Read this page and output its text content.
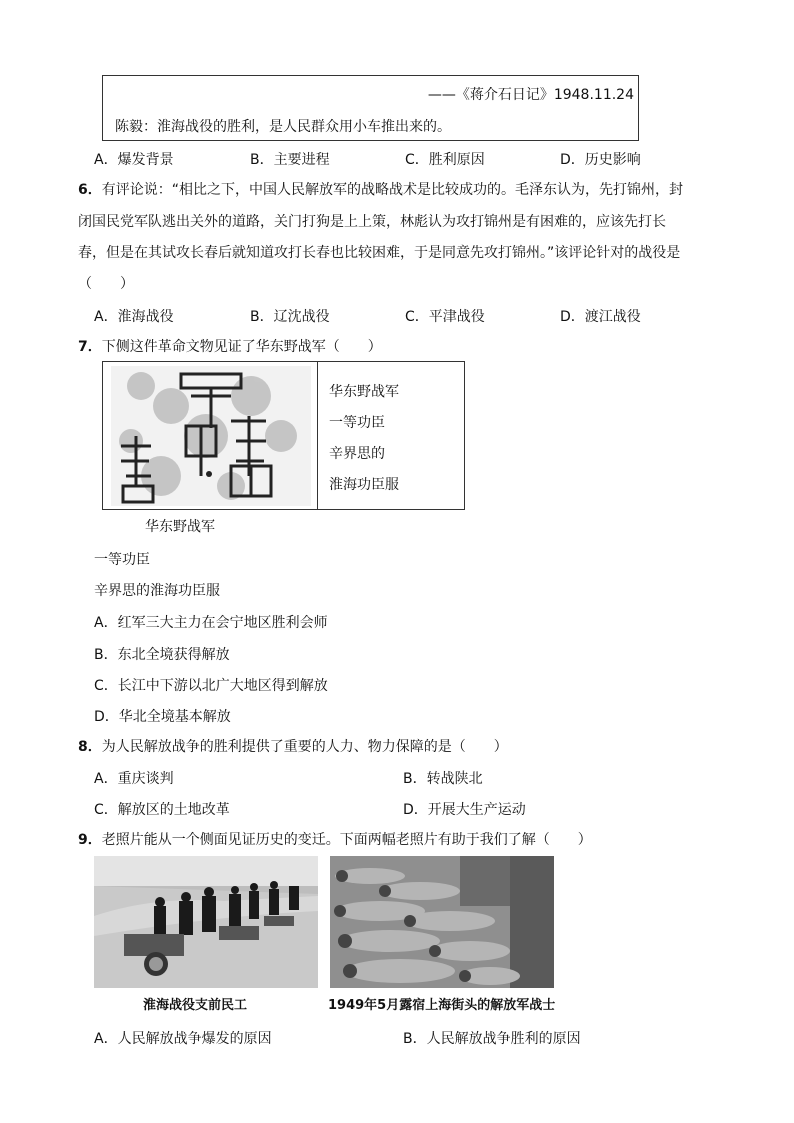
——《蒋介石日记》1948.11.24
陈毅：淮海战役的胜利，是人民群众用小车推出来的。
A．爆发背景	B．主要进程	C．胜利原因	D．历史影响
6．有评论说：“相比之下，中国人民解放军的战略战术是比较成功的。毛泽东认为，先打锦州，封
闭国民党军队逃出关外的道路，关门打狗是上上策，林彪认为攻打锦州是有困难的，应该先打长
春，但是在其试攻长春后就知道攻打长春也比较困难，于是同意先攻打锦州。”该评论针对的战役是
（　　）
A．淮海战役	B．辽沈战役	C．平津战役	D．渡江战役
7．下侧这件革命文物见证了华东野战军（　　）
华东野战军
一等功臣
辛界思的
淮海功臣服
华东野战军
一等功臣
辛界思的淮海功臣服
A．红军三大主力在会宁地区胜利会师
B．东北全境获得解放
C．长江中下游以北广大地区得到解放
D．华北全境基本解放
8．为人民解放战争的胜利提供了重要的人力、物力保障的是（　　）
A．重庆谈判	B．转战陕北
C．解放区的土地改革	D．开展大生产运动
9．老照片能从一个侧面见证历史的变迁。下面两幅老照片有助于我们了解（　　）
淮海战役支前民工	1949年5月露宿上海街头的解放军战士
A．人民解放战争爆发的原因	B．人民解放战争胜利的原因
